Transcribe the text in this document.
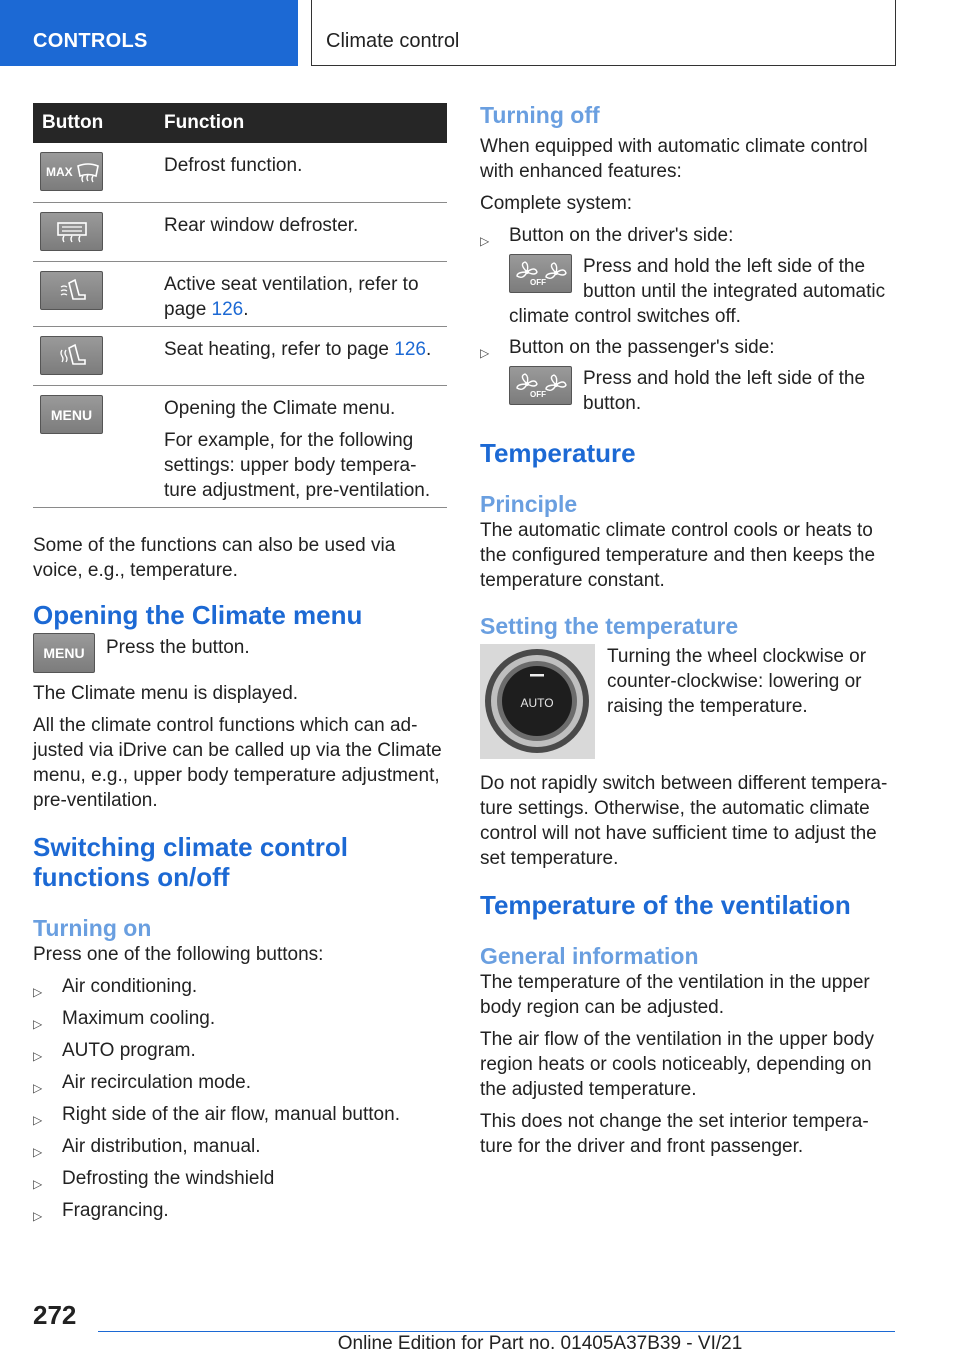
CONTROLS	Climate control
Button	Function
MAX	Defrost function.

Rear window defroster.

Active seat ventilation, refer to page 126.

Seat heating, refer to page 126.

MENU	Opening the Climate menu.

For example, for the following settings: upper body tempera-ture adjustment, pre-ventilation.

Some of the functions can also be used via voice, e.g., temperature.

Opening the Climate menu
MENU Press the button.

The Climate menu is displayed.

All the climate control functions which can ad-justed via iDrive can be called up via the Climate menu, e.g., upper body temperature adjustment, pre-ventilation.

Switching climate control functions on/off
Turning on

Press one of the following buttons:

▷ Air conditioning.
▷ Maximum cooling.
▷ AUTO program.
▷ Air recirculation mode.
▷ Right side of the air flow, manual button.
▷ Air distribution, manual.
▷ Defrosting the windshield
▷ Fragrancing.
Turning off

When equipped with automatic climate control with enhanced features:

Complete system:

▷ Button on the driver's side:
OFF
Press and hold the left side of the button until the integrated automatic
climate control switches off.
▷ Button on the passenger's side:
OFF
Press and hold the left side of the button.
Temperature
Principle

The automatic climate control cools or heats to the configured temperature and then keeps the temperature constant.

Setting the temperature
AUTO

Turning the wheel clockwise or counter-clockwise: lowering or raising the temperature.

Do not rapidly switch between different tempera-ture settings. Otherwise, the automatic climate control will not have sufficient time to adjust the set temperature.

Temperature of the ventilation
General information

The temperature of the ventilation in the upper body region can be adjusted.

The air flow of the ventilation in the upper body region heats or cools noticeably, depending on the adjusted temperature.

This does not change the set interior tempera-ture for the driver and front passenger.

272
Online Edition for Part no. 01405A37B39 - VI/21
